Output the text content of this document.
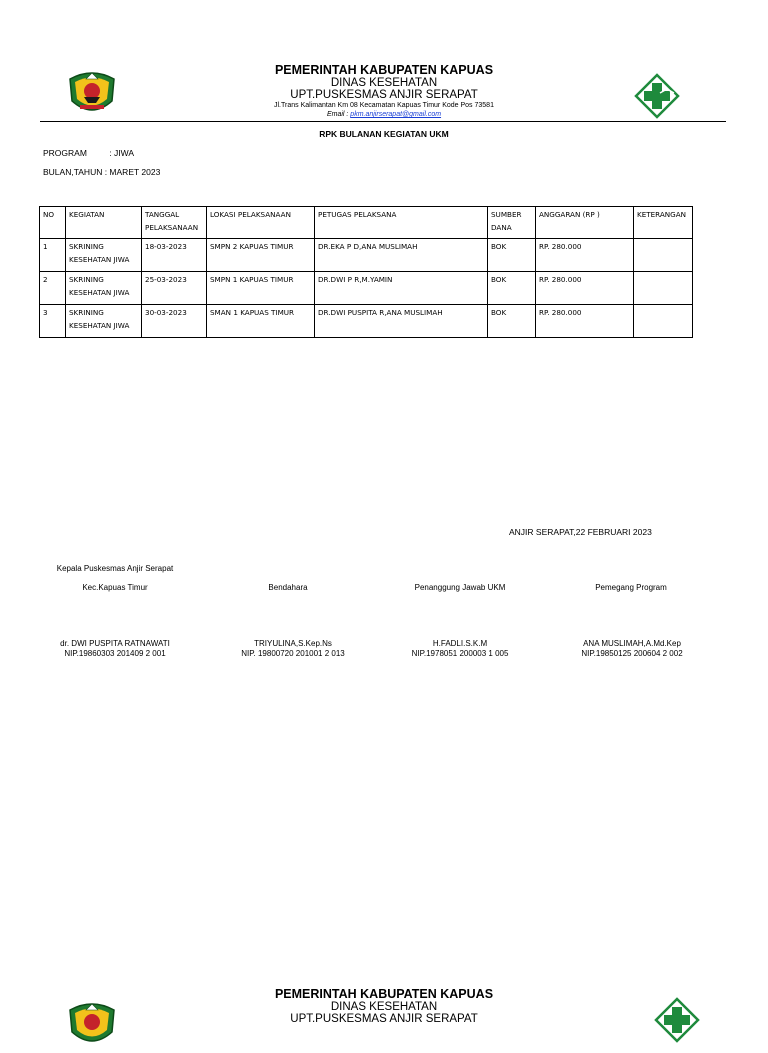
PEMERINTAH KABUPATEN KAPUAS
DINAS KESEHATAN
UPT.PUSKESMAS ANJIR SERAPAT
Jl.Trans Kalimantan Km 08 Kecamatan Kapuas Timur Kode Pos 73581
Email : pkm.anjirserapat@gmail.com
RPK BULANAN KEGIATAN UKM
PROGRAM	: JIWA
BULAN,TAHUN : MARET 2023
NO	KEGIATAN	TANGGAL PELAKSANAAN	LOKASI PELAKSANAAN	PETUGAS PELAKSANA	SUMBER DANA	ANGGARAN (RP )	KETERANGAN
1	SKRINING KESEHATAN JIWA	18-03-2023	SMPN 2 KAPUAS TIMUR	DR.EKA P D,ANA MUSLIMAH	BOK	RP. 280.000	
2	SKRINING KESEHATAN JIWA	25-03-2023	SMPN 1 KAPUAS TIMUR	DR.DWI P R,M.YAMIN	BOK	RP. 280.000	
3	SKRINING KESEHATAN JIWA	30-03-2023	SMAN 1 KAPUAS TIMUR	DR.DWI PUSPITA R,ANA MUSLIMAH	BOK	RP. 280.000	
ANJIR SERAPAT,22 FEBRUARI 2023
Kepala Puskesmas Anjir Serapat
Kec.Kapuas Timur	Bendahara	Penanggung Jawab UKM	Pemegang Program
dr. DWI PUSPITA RATNAWATI
NIP.19860303 201409 2 001
TRIYULINA,S.Kep.Ns
NIP. 19800720 201001 2 013
H.FADLI.S.K.M
NIP.1978051 200003 1 005
ANA MUSLIMAH,A.Md.Kep
NIP.19850125 200604 2 002
PEMERINTAH KABUPATEN KAPUAS
DINAS KESEHATAN
UPT.PUSKESMAS ANJIR SERAPAT
